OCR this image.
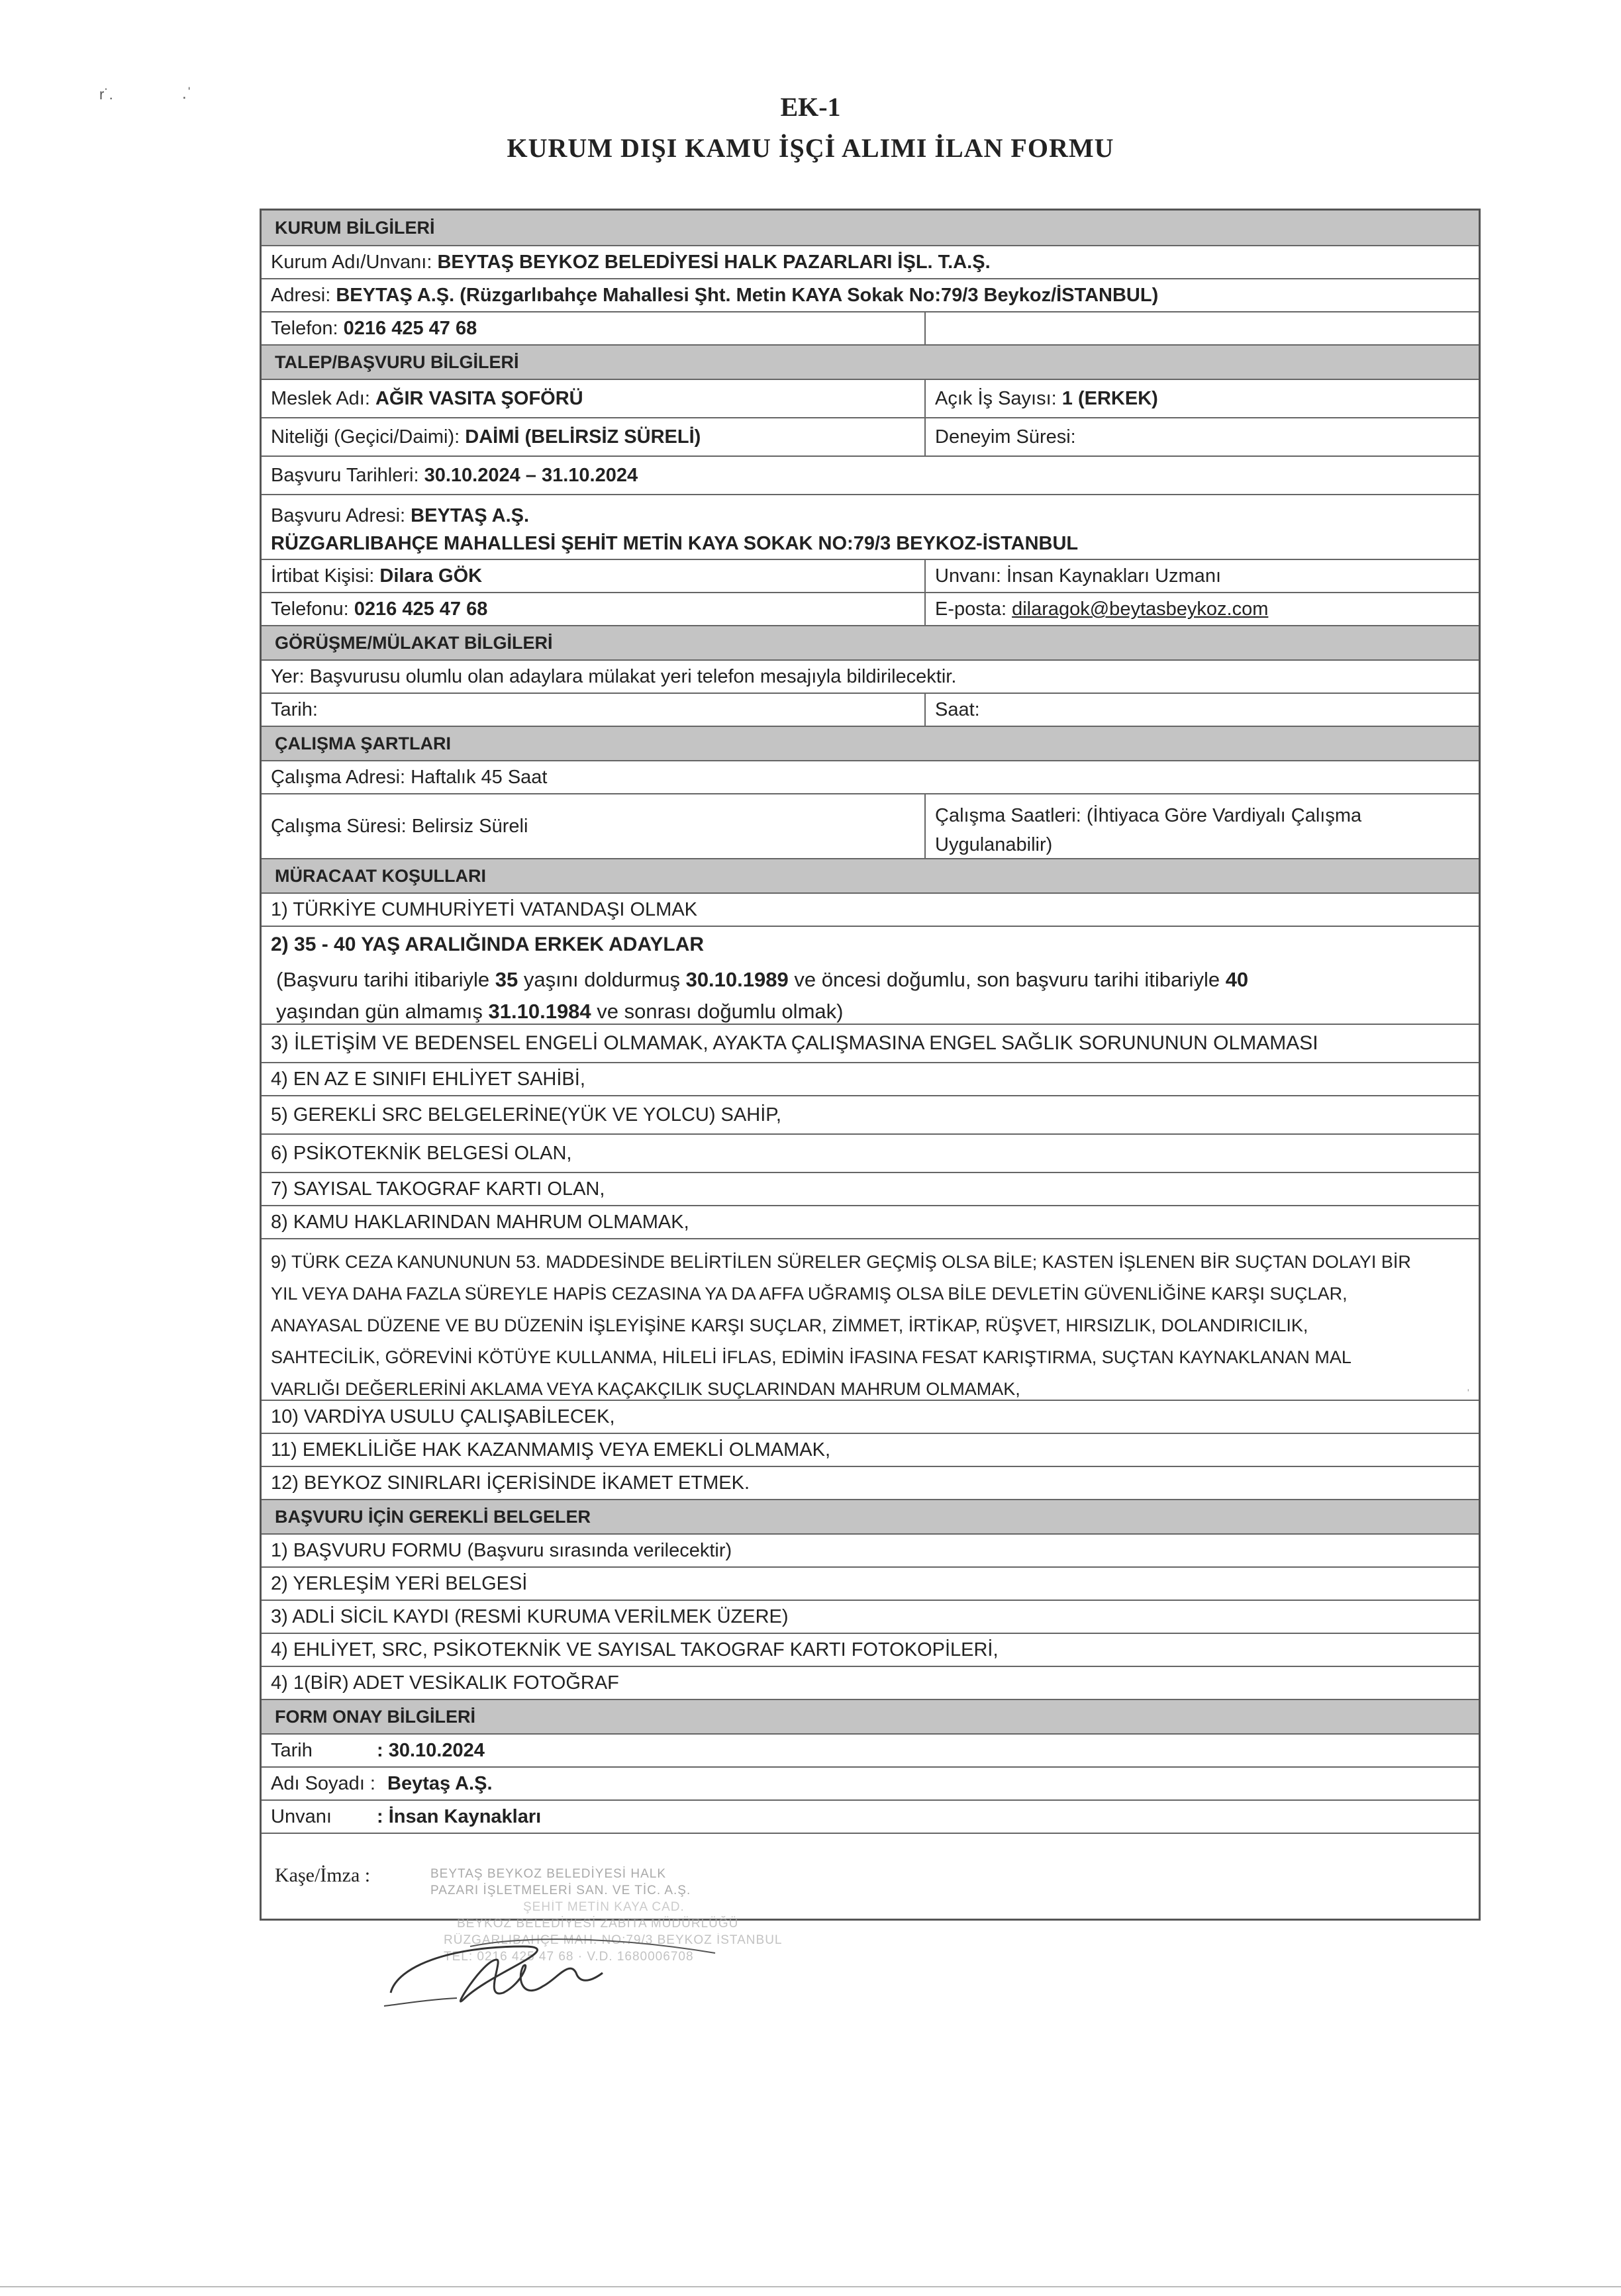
r˙.	.ˈ	EK-1
KURUM DIŞI KAMU İŞÇİ ALIMI İLAN FORMU
KURUM BİLGİLERİ
Kurum Adı/Unvanı:
BEYTAŞ BEYKOZ BELEDİYESİ HALK PAZARLARI İŞL. T.A.Ş.
Adresi:
BEYTAŞ A.Ş. (Rüzgarlıbahçe Mahallesi Şht. Metin KAYA Sokak No:79/3 Beykoz/İSTANBUL)
Telefon:
0216 425 47 68
TALEP/BAŞVURU BİLGİLERİ
Meslek Adı:
AĞIR VASITA ŞOFÖRÜ	Açık İş Sayısı:
1 (ERKEK)
Niteliği (Geçici/Daimi):
DAİMİ (BELİRSİZ SÜRELİ)	Deneyim Süresi:
Başvuru Tarihleri:
30.10.2024 – 31.10.2024
Başvuru Adresi: BEYTAŞ A.Ş.
RÜZGARLIBAHÇE MAHALLESİ ŞEHİT METİN KAYA SOKAK NO:79/3 BEYKOZ-İSTANBUL
İrtibat Kişisi:
Dilara GÖK	Unvanı:
İnsan Kaynakları Uzmanı
Telefonu:
0216 425 47 68	E-posta:
dilaragok@beytasbeykoz.com
GÖRÜŞME/MÜLAKAT BİLGİLERİ
Yer: Başvurusu olumlu olan adaylara mülakat yeri telefon mesajıyla bildirilecektir.
Tarih:	Saat:
ÇALIŞMA ŞARTLARI
Çalışma Adresi: Haftalık 45 Saat
Çalışma Süresi: Belirsiz Süreli	Çalışma Saatleri: (İhtiyaca Göre Vardiyalı Çalışma
Uygulanabilir)
MÜRACAAT KOŞULLARI
1) TÜRKİYE CUMHURİYETİ VATANDAŞI OLMAK
2) 35 - 40 YAŞ ARALIĞINDA ERKEK ADAYLAR
(Başvuru tarihi itibariyle 35 yaşını doldurmuş 30.10.1989 ve öncesi doğumlu, son başvuru tarihi itibariyle 40
yaşından gün almamış 31.10.1984 ve sonrası doğumlu olmak)
3) İLETİŞİM VE BEDENSEL ENGELİ OLMAMAK, AYAKTA ÇALIŞMASINA ENGEL SAĞLIK SORUNUNUN OLMAMASI
4) EN AZ E SINIFI EHLİYET SAHİBİ,
5) GEREKLİ SRC BELGELERİNE(YÜK VE YOLCU) SAHİP,
6) PSİKOTEKNİK BELGESİ OLAN,
7) SAYISAL TAKOGRAF KARTI OLAN,
8) KAMU HAKLARINDAN MAHRUM OLMAMAK,
9) TÜRK CEZA KANUNUNUN 53. MADDESİNDE BELİRTİLEN SÜRELER GEÇMİŞ OLSA BİLE; KASTEN İŞLENEN BİR SUÇTAN DOLAYI BİR
YIL VEYA DAHA FAZLA SÜREYLE HAPİS CEZASINA YA DA AFFA UĞRAMIŞ OLSA BİLE DEVLETİN GÜVENLİĞİNE KARŞI SUÇLAR,
ANAYASAL DÜZENE VE BU DÜZENİN İŞLEYİŞİNE KARŞI SUÇLAR, ZİMMET, İRTİKAP, RÜŞVET, HIRSIZLIK, DOLANDIRICILIK,
SAHTECİLİK, GÖREVİNİ KÖTÜYE KULLANMA, HİLELİ İFLAS, EDİMİN İFASINA FESAT KARIŞTIRMA, SUÇTAN KAYNAKLANAN MAL
VARLIĞI DEĞERLERİNİ AKLAMA VEYA KAÇAKÇILIK SUÇLARINDAN MAHRUM OLMAMAK,
10) VARDİYA USULU ÇALIŞABİLECEK,
11) EMEKLİLİĞE HAK KAZANMAMIŞ VEYA EMEKLİ OLMAMAK,
12) BEYKOZ SINIRLARI İÇERİSİNDE İKAMET ETMEK.
BAŞVURU İÇİN GEREKLİ BELGELER
1) BAŞVURU FORMU (Başvuru sırasında verilecektir)
2) YERLEŞİM YERİ BELGESİ
3) ADLİ SİCİL KAYDI (RESMİ KURUMA VERİLMEK ÜZERE)
4) EHLİYET, SRC, PSİKOTEKNİK VE SAYISAL TAKOGRAF KARTI FOTOKOPİLERİ,
4) 1(BİR) ADET VESİKALIK FOTOĞRAF
FORM ONAY BİLGİLERİ
Tarih	: 30.10.2024
Adı Soyadı : Beytaş A.Ş.
Unvanı	: İnsan Kaynakları
Kaşe/İmza :	BEYTAŞ BEYKOZ BELEDİYESİ HALK
PAZARI İŞLETMELERİ SAN. VE TİC. A.Ş.
ŞEHİT METİN KAYA CAD.
BEYKOZ BELEDİYESİ ZABITA MÜDÜRLÜĞÜ
RÜZGARLIBAHÇE MAH. NO:79/3 BEYKOZ İSTANBUL
TEL: 0216 425 47 68 · V.D. 1680006708
ˈ
